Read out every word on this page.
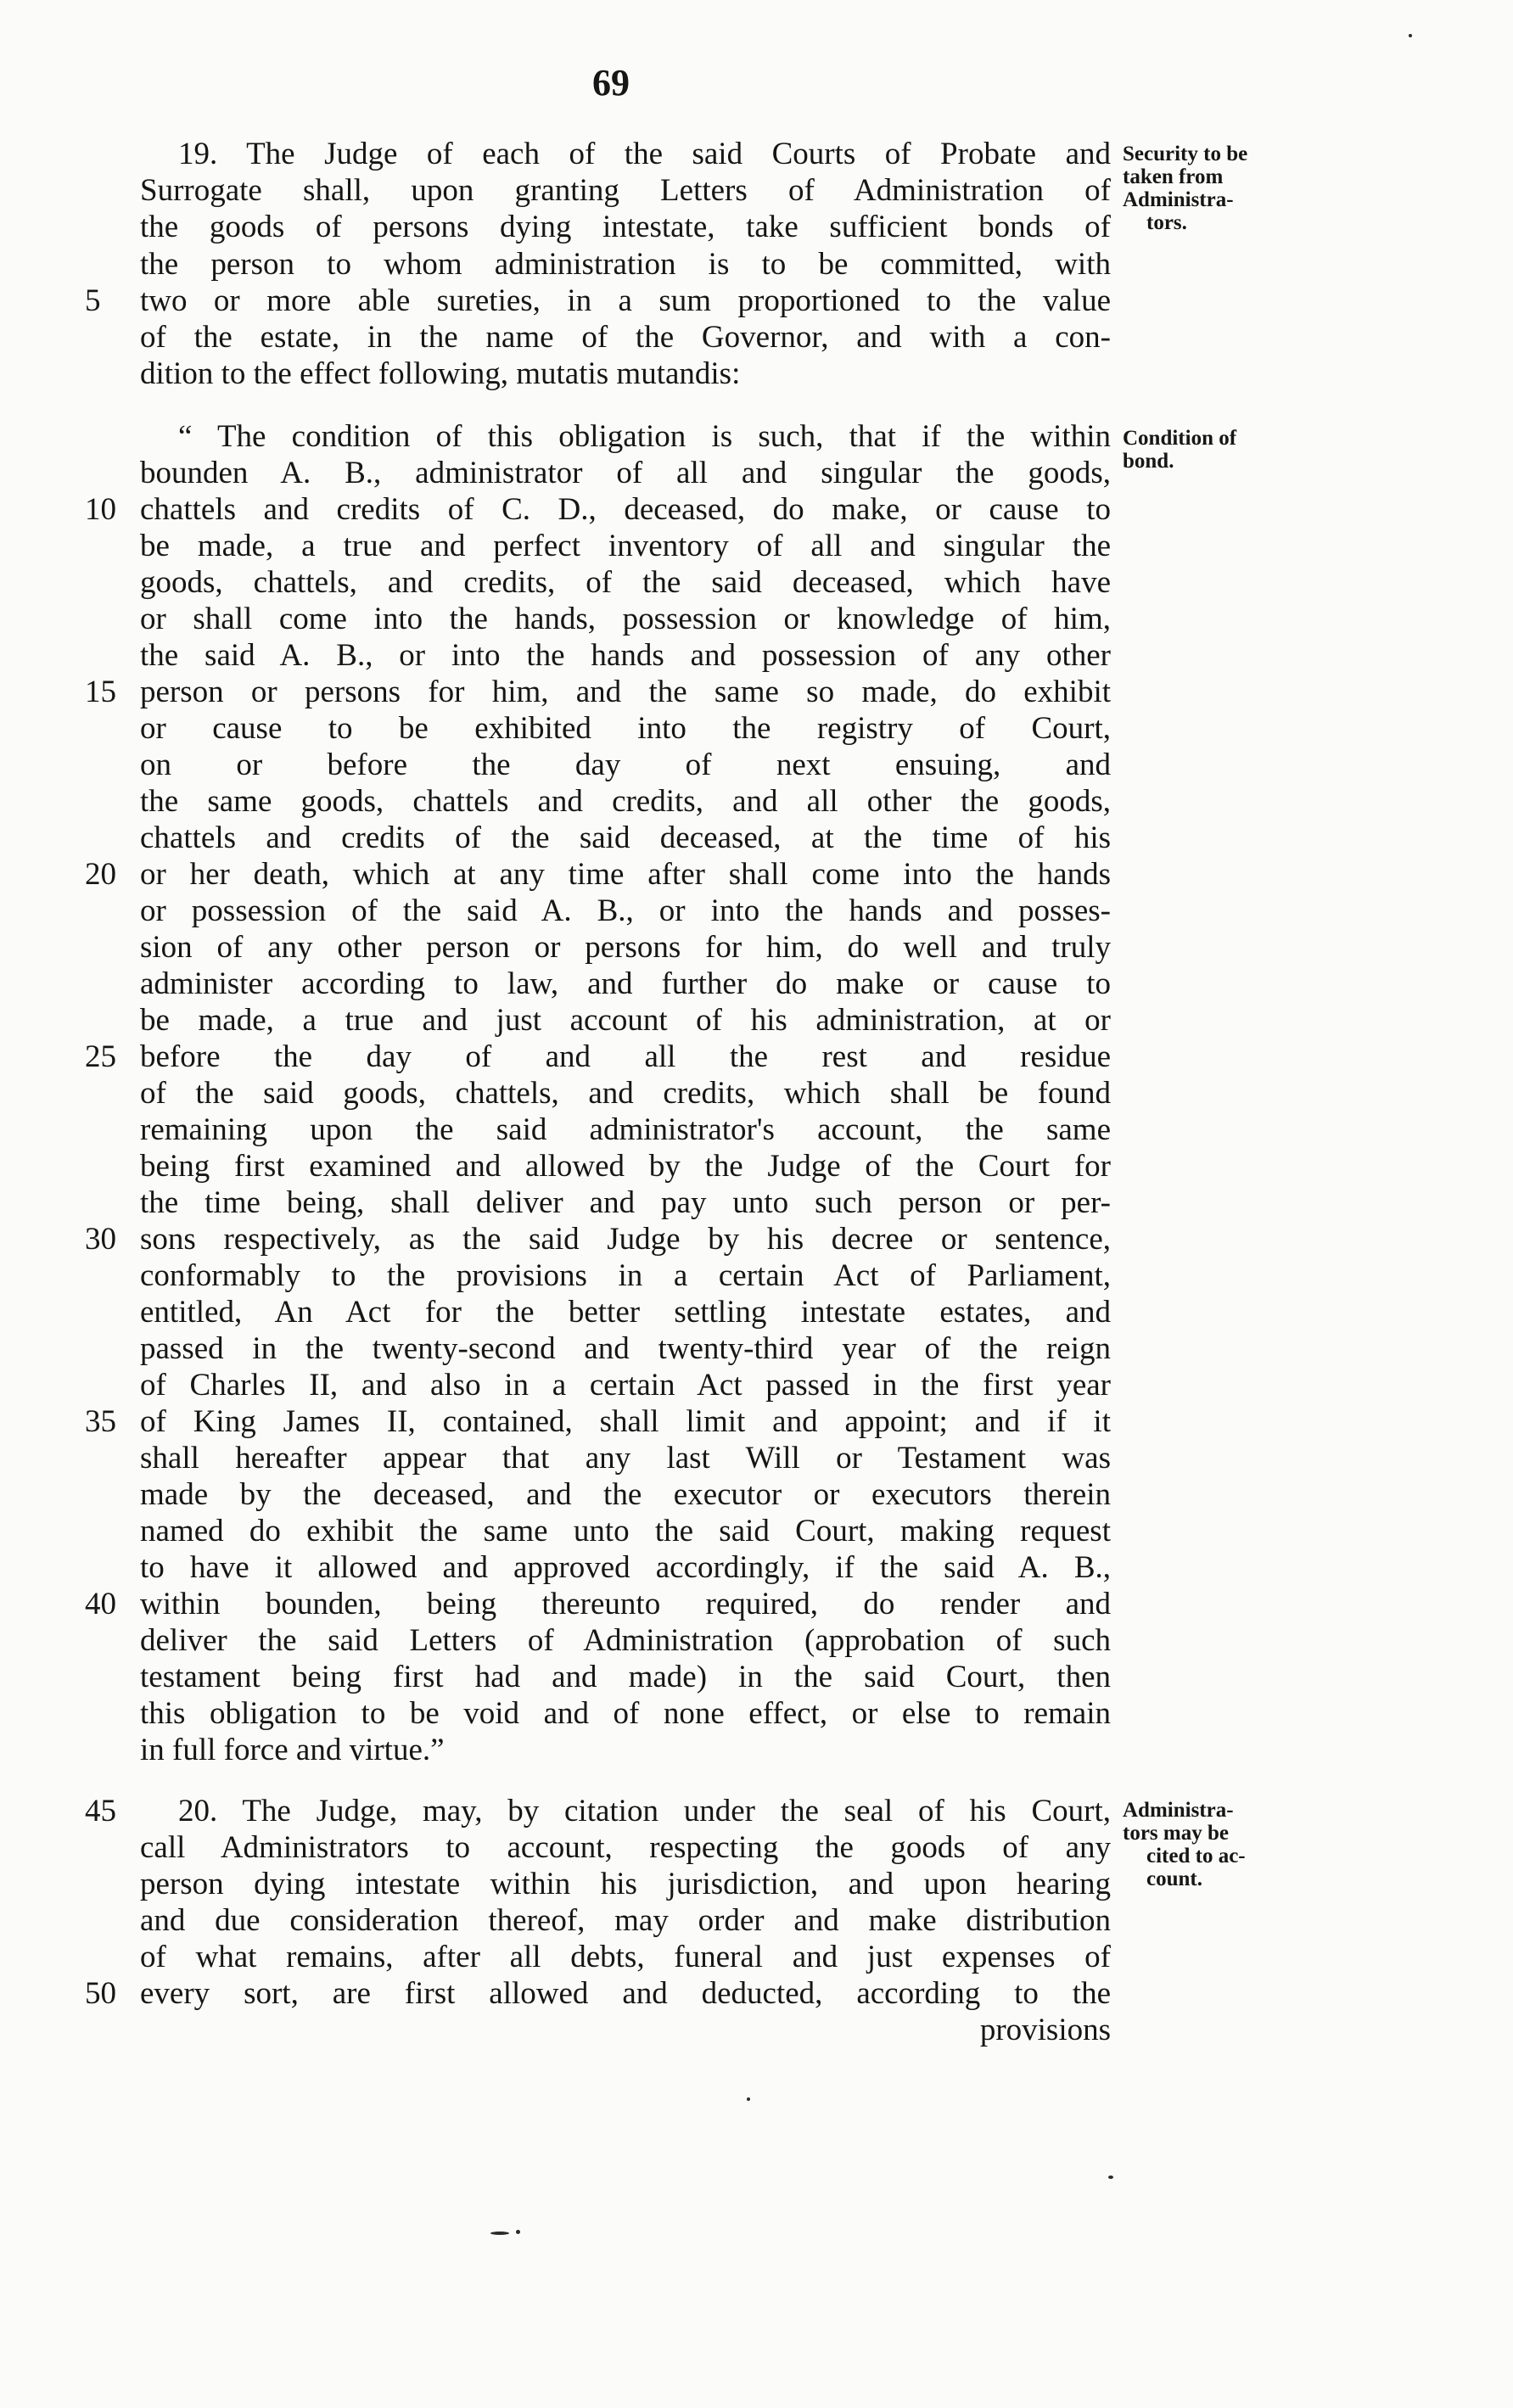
69
19. The Judge of each of the said Courts of Probate and
Surrogate shall, upon granting Letters of Administration of
the goods of persons dying intestate, take sufficient bonds of
the person to whom administration is to be committed, with
two or more able sureties, in a sum proportioned to the value
of the estate, in the name of the Governor, and with a con-
dition to the effect following, mutatis mutandis:
Security to be
taken from
Administra-
tors.
“ The condition of this obligation is such, that if the within
bounden A. B., administrator of all and singular the goods,
chattels and credits of C. D., deceased, do make, or cause to
be made, a true and perfect inventory of all and singular the
goods, chattels, and credits, of the said deceased, which have
or shall come into the hands, possession or knowledge of him,
the said A. B., or into the hands and possession of any other
person or persons for him, and the same so made, do exhibit
or cause to be exhibited into the registry of Court,
on or before the day of next ensuing, and
the same goods, chattels and credits, and all other the goods,
chattels and credits of the said deceased, at the time of his
or her death, which at any time after shall come into the hands
or possession of the said A. B., or into the hands and posses-
sion of any other person or persons for him, do well and truly
administer according to law, and further do make or cause to
be made, a true and just account of his administration, at or
before the day of and all the rest and residue
of the said goods, chattels, and credits, which shall be found
remaining upon the said administrator's account, the same
being first examined and allowed by the Judge of the Court for
the time being, shall deliver and pay unto such person or per-
sons respectively, as the said Judge by his decree or sentence,
conformably to the provisions in a certain Act of Parliament,
entitled, An Act for the better settling intestate estates, and
passed in the twenty-second and twenty-third year of the reign
of Charles II, and also in a certain Act passed in the first year
of King James II, contained, shall limit and appoint; and if it
shall hereafter appear that any last Will or Testament was
made by the deceased, and the executor or executors therein
named do exhibit the same unto the said Court, making request
to have it allowed and approved accordingly, if the said A. B.,
within bounden, being thereunto required, do render and
deliver the said Letters of Administration (approbation of such
testament being first had and made) in the said Court, then
this obligation to be void and of none effect, or else to remain
in full force and virtue.”
Condition of
bond.
20. The Judge, may, by citation under the seal of his Court,
call Administrators to account, respecting the goods of any
person dying intestate within his jurisdiction, and upon hearing
and due consideration thereof, may order and make distribution
of what remains, after all debts, funeral and just expenses of
every sort, are first allowed and deducted, according to the
provisions
Administra-
tors may be
cited to ac-
count.
5
10
15
20
25
30
35
40
45
50
